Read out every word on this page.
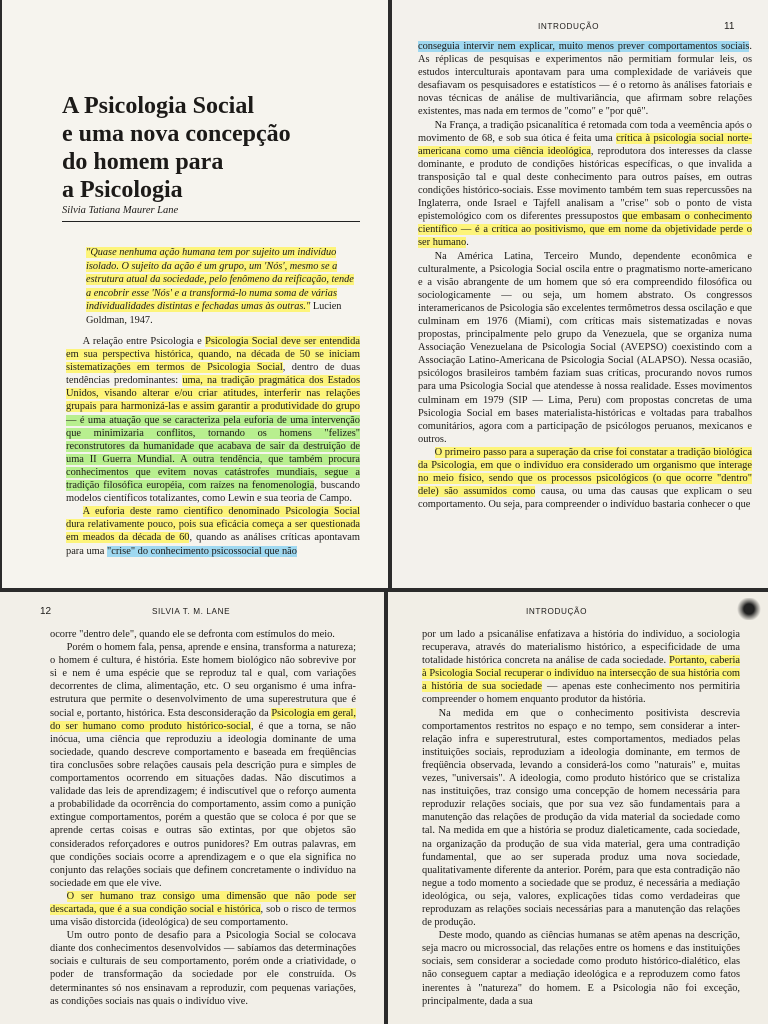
A Psicologia Social
e uma nova concepção
do homem para
a Psicologia
Silvia Tatiana Maurer Lane
"Quase nenhuma ação humana tem por sujeito um indivíduo isolado. O sujeito da ação é um grupo, um 'Nós', mesmo se a estrutura atual da sociedade, pelo fenômeno da reificação, tende a encobrir esse 'Nós' e a transformá-lo numa soma de várias individualidades distintas e fechadas umas às outras." Lucien Goldman, 1947.

A relação entre Psicologia e Psicologia Social deve ser entendida em sua perspectiva histórica, quando, na década de 50 se iniciam sistematizações em termos de Psicologia Social, dentro de duas tendências predominantes: uma, na tradição pragmática dos Estados Unidos, visando alterar e/ou criar atitudes, interferir nas relações grupais para harmonizá-las e assim garantir a produtividade do grupo — é uma atuação que se caracteriza pela euforia de uma intervenção que minimizaria conflitos, tornando os homens "felizes" reconstrutores da humanidade que acabava de sair da destruição de uma II Guerra Mundial. A outra tendência, que também procura conhecimentos que evitem novas catástrofes mundiais, segue a tradição filosófica européia, com raízes na fenomenologia, buscando modelos científicos totalizantes, como Lewin e sua teoria de Campo.

A euforia deste ramo científico denominado Psicologia Social dura relativamente pouco, pois sua eficácia começa a ser questionada em meados da década de 60, quando as análises críticas apontavam para uma "crise" do conhecimento psicossocial que não

INTRODUÇÃO	11

conseguia intervir nem explicar, muito menos prever comportamentos sociais. As réplicas de pesquisas e experimentos não permitiam formular leis, os estudos interculturais apontavam para uma complexidade de variáveis que desafiavam os pesquisadores e estatísticos — é o retorno às análises fatoriais e novas técnicas de análise de multivariância, que afirmam sobre relações existentes, mas nada em termos de "como" e "por quê".

Na França, a tradição psicanalítica é retomada com toda a veemência após o movimento de 68, e sob sua ótica é feita uma crítica à psicologia social norte-americana como uma ciência ideológica, reprodutora dos interesses da classe dominante, e produto de condições históricas específicas, o que invalida a transposição tal e qual deste conhecimento para outros países, em outras condições histórico-sociais. Esse movimento também tem suas repercussões na Inglaterra, onde Israel e Tajfell analisam a "crise" sob o ponto de vista epistemológico com os diferentes pressupostos que embasam o conhecimento científico — é a crítica ao positivismo, que em nome da objetividade perde o ser humano.

Na América Latina, Terceiro Mundo, dependente econômica e culturalmente, a Psicologia Social oscila entre o pragmatismo norte-americano e a visão abrangente de um homem que só era compreendido filosófica ou sociologicamente — ou seja, um homem abstrato. Os congressos interamericanos de Psicologia são excelentes termômetros dessa oscilação e que culminam em 1976 (Miami), com críticas mais sistematizadas e novas propostas, principalmente pelo grupo da Venezuela, que se organiza numa Associação Venezuelana de Psicologia Social (AVEPSO) coexistindo com a Associação Latino-Americana de Psicologia Social (ALAPSO). Nessa ocasião, psicólogos brasileiros também faziam suas críticas, procurando novos rumos para uma Psicologia Social que atendesse à nossa realidade. Esses movimentos culminam em 1979 (SIP — Lima, Peru) com propostas concretas de uma Psicologia Social em bases materialista-históricas e voltadas para trabalhos comunitários, agora com a participação de psicólogos peruanos, mexicanos e outros.

O primeiro passo para a superação da crise foi constatar a tradição biológica da Psicologia, em que o indivíduo era considerado um organismo que interage no meio físico, sendo que os processos psicológicos (o que ocorre "dentro" dele) são assumidos como causa, ou uma das causas que explicam o seu comportamento. Ou seja, para compreender o indivíduo bastaria conhecer o que

12	SILVIA T. M. LANE

ocorre "dentro dele", quando ele se defronta com estímulos do meio.

Porém o homem fala, pensa, aprende e ensina, transforma a natureza; o homem é cultura, é história. Este homem biológico não sobrevive por si e nem é uma espécie que se reproduz tal e qual, com variações decorrentes de clima, alimentação, etc. O seu organismo é uma infra-estrutura que permite o desenvolvimento de uma superestrutura que é social e, portanto, histórica. Esta desconsideração da Psicologia em geral, do ser humano como produto histórico-social, é que a torna, se não inócua, uma ciência que reproduziu a ideologia dominante de uma sociedade, quando descreve comportamento e baseada em freqüências tira conclusões sobre relações causais pela descrição pura e simples de comportamentos ocorrendo em situações dadas. Não discutimos a validade das leis de aprendizagem; é indiscutível que o reforço aumenta a probabilidade da ocorrência do comportamento, assim como a punição extingue comportamentos, porém a questão que se coloca é por que se aprende certas coisas e outras são extintas, por que objetos são considerados reforçadores e outros punidores? Em outras palavras, em que condições sociais ocorre a aprendizagem e o que ela significa no conjunto das relações sociais que definem concretamente o indivíduo na sociedade em que ele vive.

O ser humano traz consigo uma dimensão que não pode ser descartada, que é a sua condição social e histórica, sob o risco de termos uma visão distorcida (ideológica) de seu comportamento.

Um outro ponto de desafio para a Psicologia Social se colocava diante dos conhecimentos desenvolvidos — sabíamos das determinações sociais e culturais de seu comportamento, porém onde a criatividade, o poder de transformação da sociedade por ele construída. Os determinantes só nos ensinavam a reproduzir, com pequenas variações, as condições sociais nas quais o indivíduo vive.

INTRODUÇÃO

por um lado a psicanálise enfatizava a história do indivíduo, a sociologia recuperava, através do materialismo histórico, a especificidade de uma totalidade histórica concreta na análise de cada sociedade. Portanto, caberia à Psicologia Social recuperar o indivíduo na intersecção de sua história com a história de sua sociedade — apenas este conhecimento nos permitiria compreender o homem enquanto produtor da história.

Na medida em que o conhecimento positivista descrevia comportamentos restritos no espaço e no tempo, sem considerar a inter-relação infra e superestrutural, estes comportamentos, mediados pelas instituições sociais, reproduziam a ideologia dominante, em termos de freqüência observada, levando a considerá-los como "naturais" e, muitas vezes, "universais". A ideologia, como produto histórico que se cristaliza nas instituições, traz consigo uma concepção de homem necessária para reproduzir relações sociais, que por sua vez são fundamentais para a manutenção das relações de produção da vida material da sociedade como tal. Na medida em que a história se produz dialeticamente, cada sociedade, na organização da produção de sua vida material, gera uma contradição fundamental, que ao ser superada produz uma nova sociedade, qualitativamente diferente da anterior. Porém, para que esta contradição não negue a todo momento a sociedade que se produz, é necessária a mediação ideológica, ou seja, valores, explicações tidas como verdadeiras que reproduzam as relações sociais necessárias para a manutenção das relações de produção.

Deste modo, quando as ciências humanas se atêm apenas na descrição, seja macro ou microssocial, das relações entre os homens e das instituições sociais, sem considerar a sociedade como produto histórico-dialético, elas não conseguem captar a mediação ideológica e a reproduzem como fatos inerentes à "natureza" do homem. E a Psicologia não foi exceção, principalmente, dada a sua
